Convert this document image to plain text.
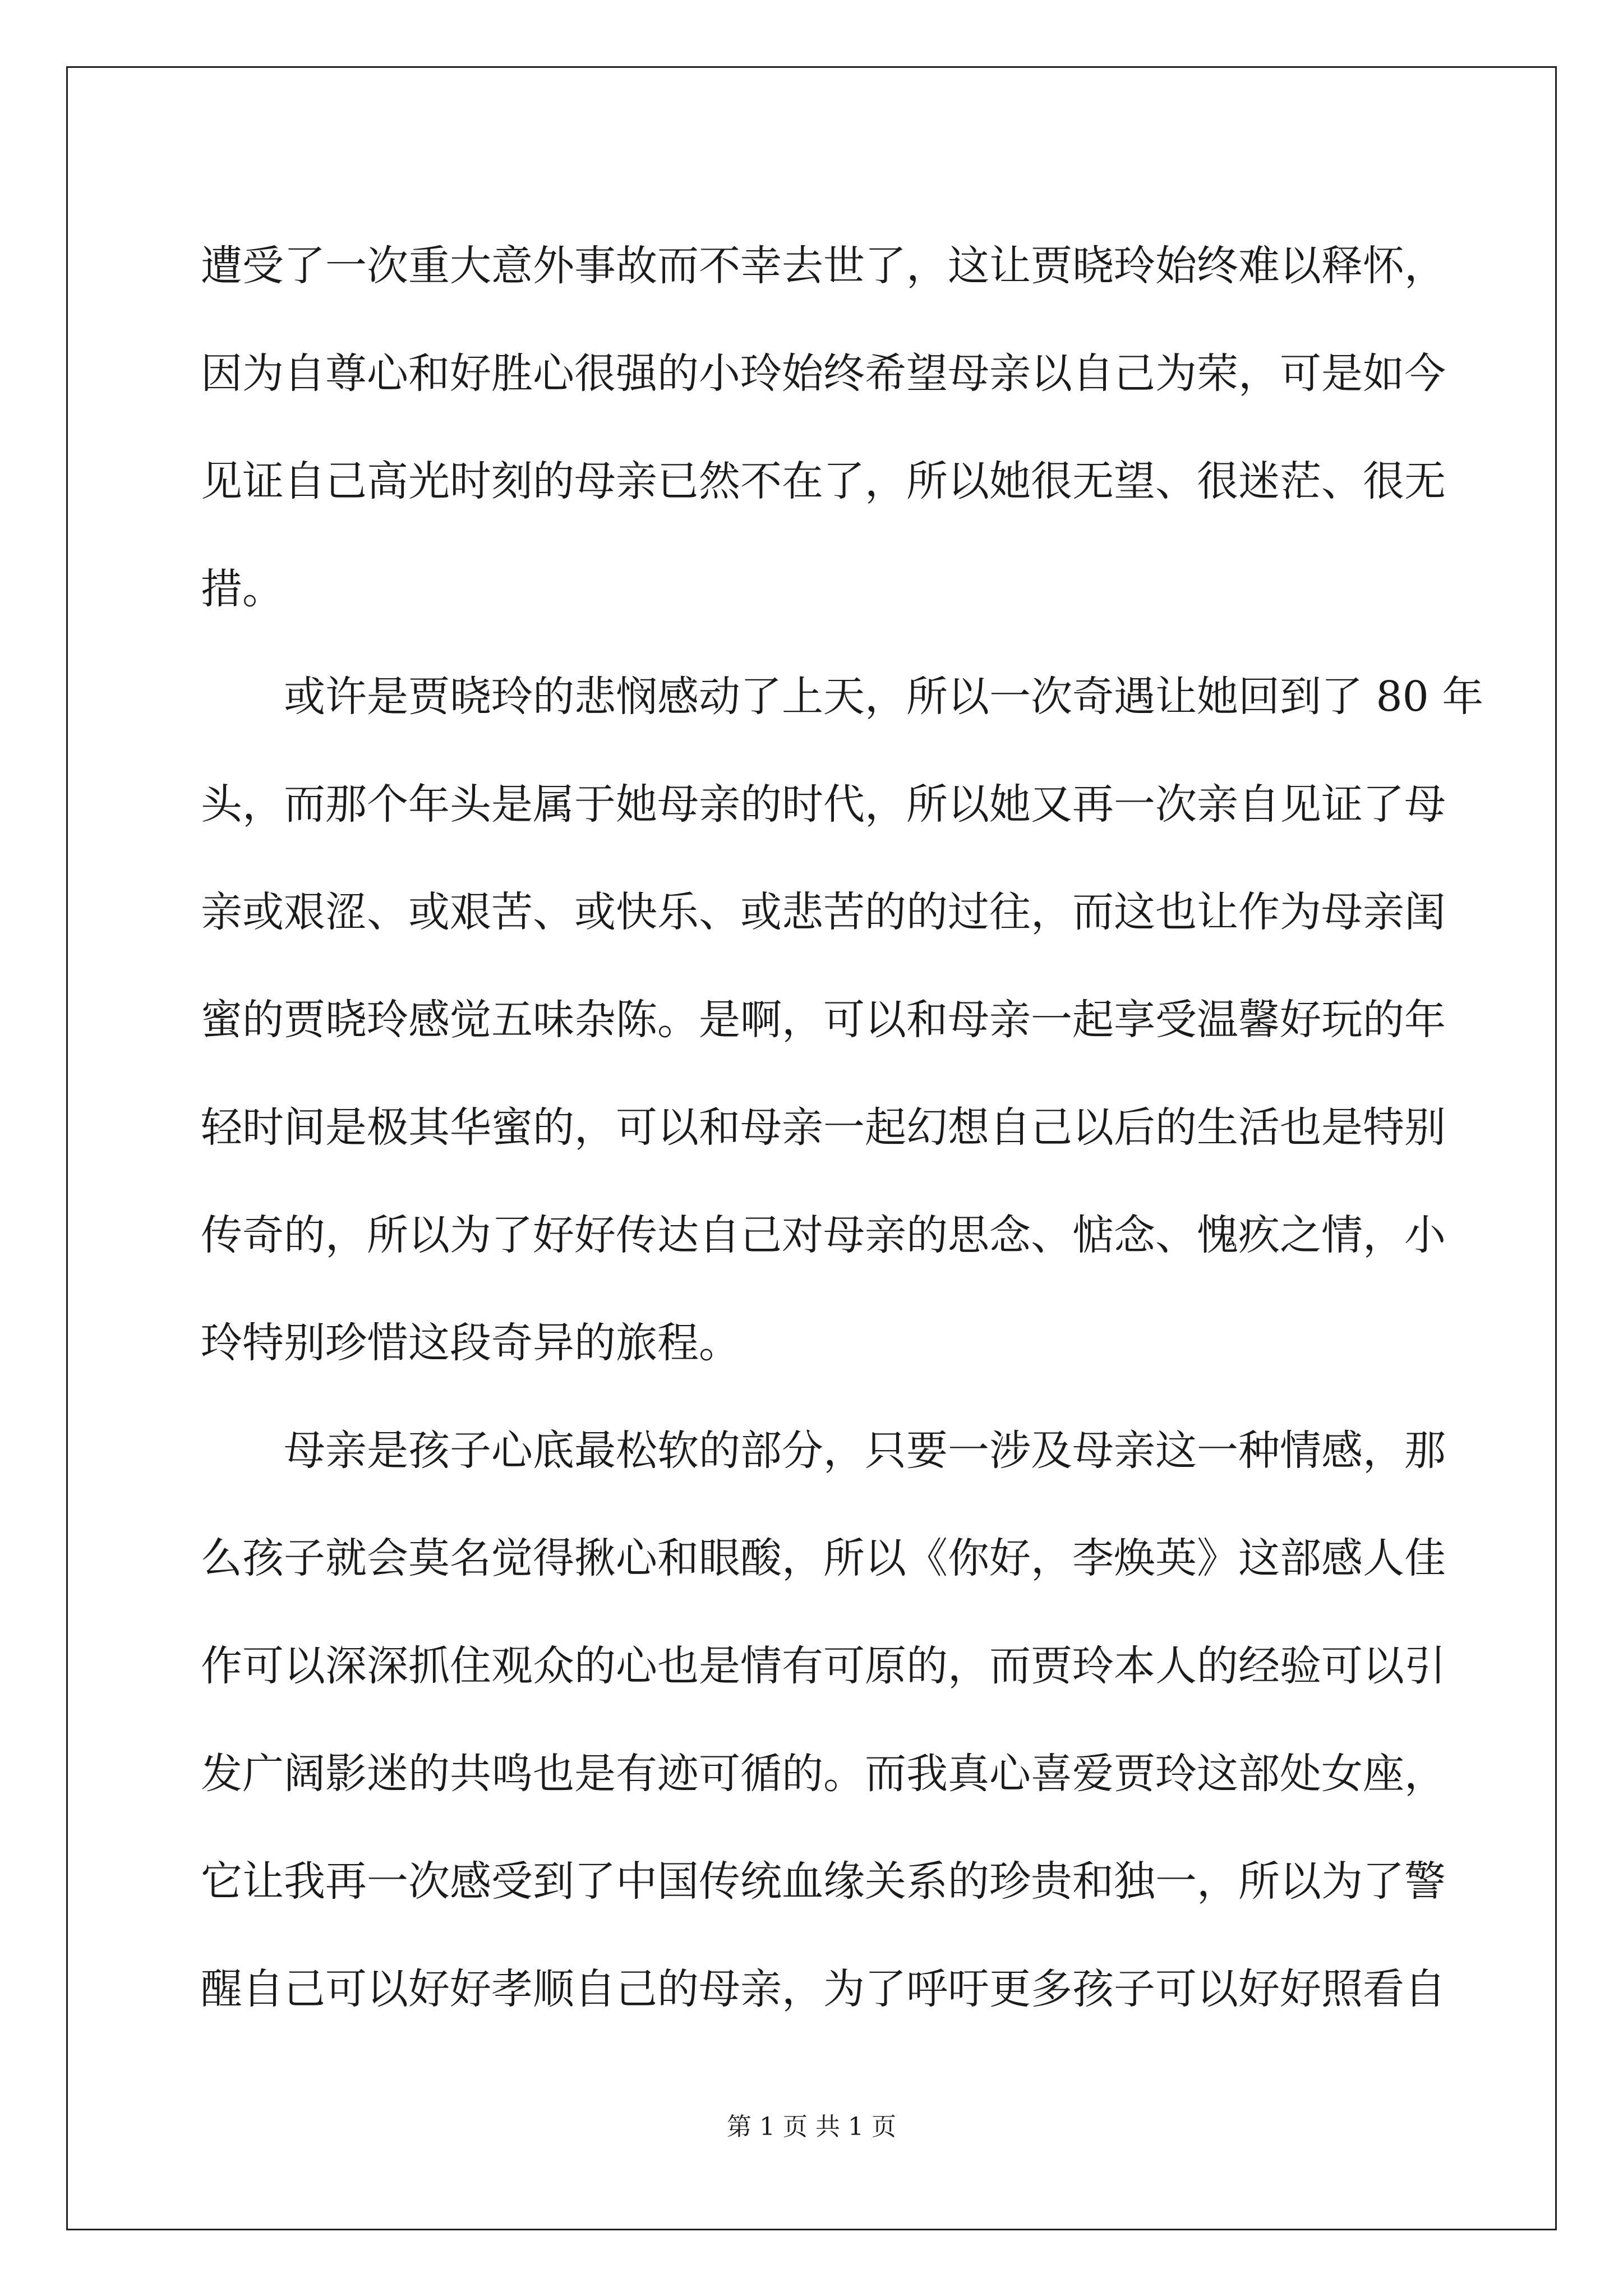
遭受了一次重大意外事故而不幸去世了，这让贾晓玲始终难以释怀，
因为自尊心和好胜心很强的小玲始终希望母亲以自己为荣，可是如今
见证自己高光时刻的母亲已然不在了，所以她很无望、很迷茫、很无
措。
或许是贾晓玲的悲悯感动了上天，所以一次奇遇让她回到了 80 年
头，而那个年头是属于她母亲的时代，所以她又再一次亲自见证了母
亲或艰涩、或艰苦、或快乐、或悲苦的的过往，而这也让作为母亲闺
蜜的贾晓玲感觉五味杂陈。是啊，可以和母亲一起享受温馨好玩的年
轻时间是极其华蜜的，可以和母亲一起幻想自己以后的生活也是特别
传奇的，所以为了好好传达自己对母亲的思念、惦念、愧疚之情，小
玲特别珍惜这段奇异的旅程。
母亲是孩子心底最松软的部分，只要一涉及母亲这一种情感，那
么孩子就会莫名觉得揪心和眼酸，所以《你好，李焕英》这部感人佳
作可以深深抓住观众的心也是情有可原的，而贾玲本人的经验可以引
发广阔影迷的共鸣也是有迹可循的。而我真心喜爱贾玲这部处女座，
它让我再一次感受到了中国传统血缘关系的珍贵和独一，所以为了警
醒自己可以好好孝顺自己的母亲，为了呼吁更多孩子可以好好照看自
第 1 页 共 1 页
